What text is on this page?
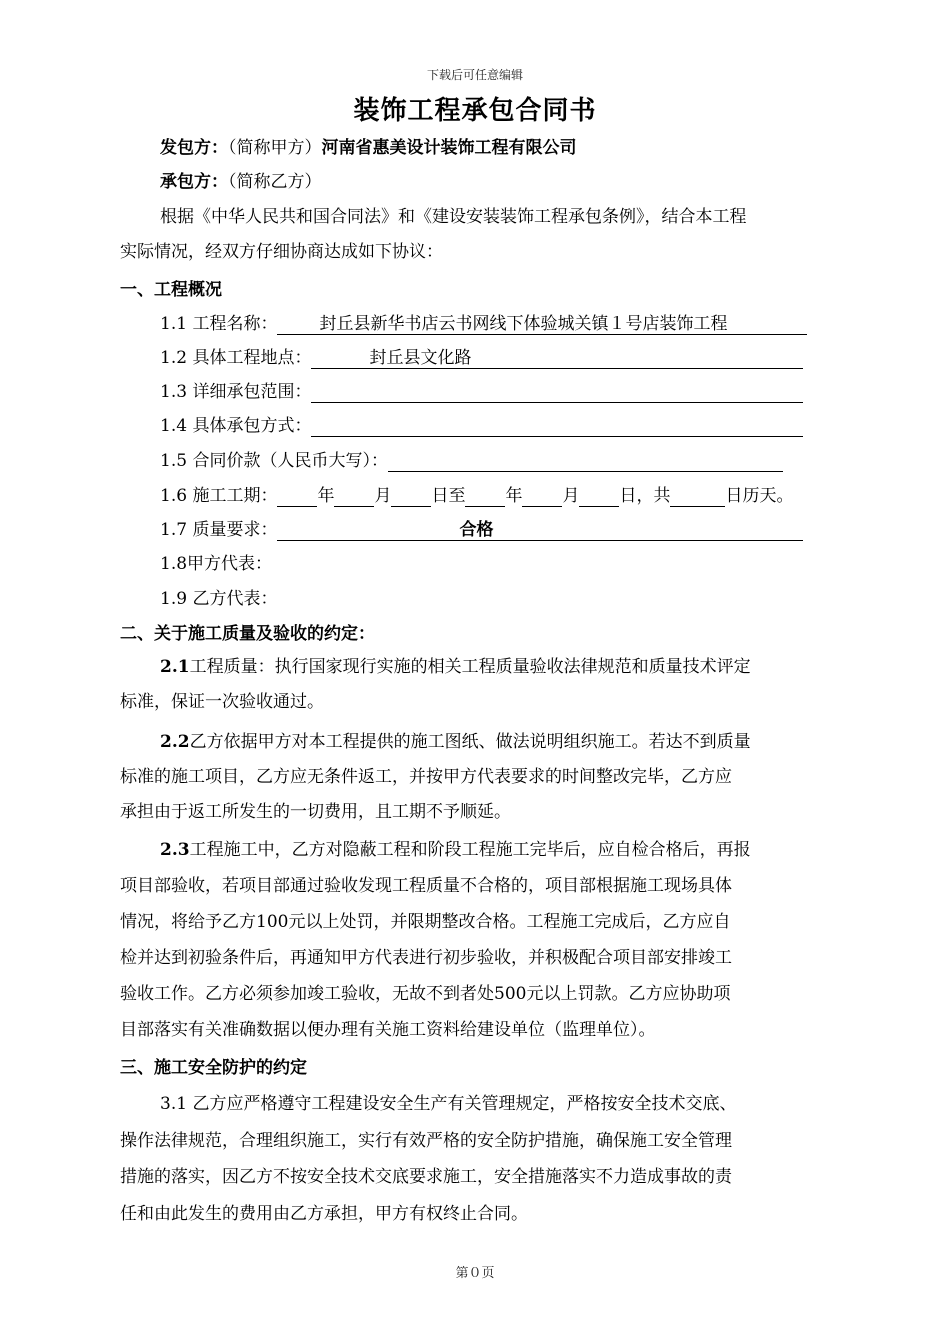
下载后可任意编辑
装饰工程承包合同书
发包方：（简称甲方）河南省惠美设计装饰工程有限公司
承包方：（简称乙方）
根据《中华人民共和国合同法》和《建设安装装饰工程承包条例》，结合本工程
实际情况，经双方仔细协商达成如下协议：
一、工程概况
1.1 工程名称： 封丘县新华书店云书网线下体验城关镇１号店装饰工程
1.2 具体工程地点：	封丘县文化路
1.3 详细承包范围：
1.4 具体承包方式：
1.5 合同价款（人民币大写）：
1.6 施工工期： 年 月 日至 年 月 日，共	日历天。
1.7 质量要求：	合格
1.8甲方代表：
1.9 乙方代表：
二、关于施工质量及验收的约定：
2.1工程质量：执行国家现行实施的相关工程质量验收法律规范和质量技术评定
标准，保证一次验收通过。
2.2乙方依据甲方对本工程提供的施工图纸、做法说明组织施工。若达不到质量
标准的施工项目，乙方应无条件返工，并按甲方代表要求的时间整改完毕，乙方应
承担由于返工所发生的一切费用，且工期不予顺延。
2.3工程施工中，乙方对隐蔽工程和阶段工程施工完毕后，应自检合格后，再报
项目部验收，若项目部通过验收发现工程质量不合格的，项目部根据施工现场具体
情况，将给予乙方100元以上处罚，并限期整改合格。工程施工完成后，乙方应自
检并达到初验条件后，再通知甲方代表进行初步验收，并积极配合项目部安排竣工
验收工作。乙方必须参加竣工验收，无故不到者处500元以上罚款。乙方应协助项
目部落实有关准确数据以便办理有关施工资料给建设单位（监理单位）。
三、施工安全防护的约定
3.1 乙方应严格遵守工程建设安全生产有关管理规定，严格按安全技术交底、
操作法律规范，合理组织施工，实行有效严格的安全防护措施，确保施工安全管理
措施的落实，因乙方不按安全技术交底要求施工，安全措施落实不力造成事故的责
任和由此发生的费用由乙方承担，甲方有权终止合同。
第０页
